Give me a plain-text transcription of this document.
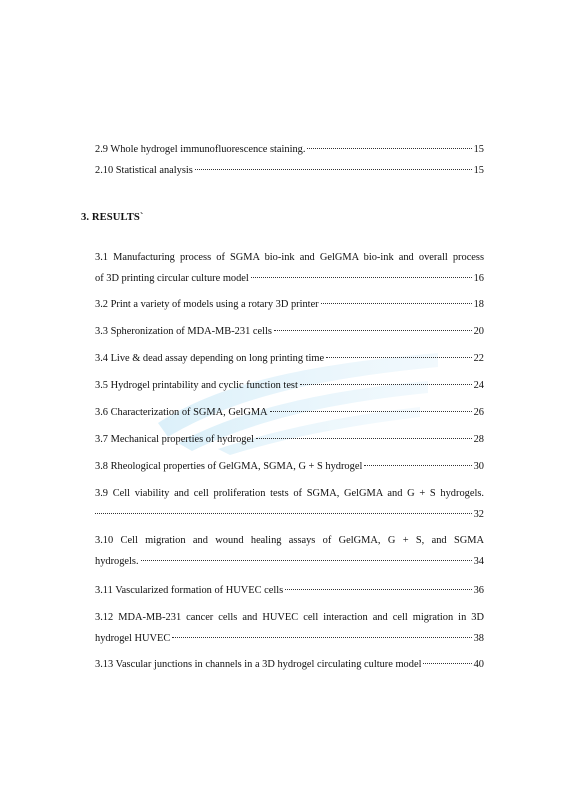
2.9 Whole hydrogel immunofluorescence staining.	15
2.10 Statistical analysis	15
3. RESULTS`
3.1 Manufacturing process of SGMA bio-ink and GelGMA bio-ink and overall process
of 3D printing circular culture model	16
3.2 Print a variety of models using a rotary 3D printer	18
3.3 Spheronization of MDA-MB-231 cells	20
3.4 Live & dead assay depending on long printing time	22
3.5 Hydrogel printability and cyclic function test	24
3.6 Characterization of SGMA, GelGMA	26
3.7 Mechanical properties of hydrogel	28
3.8 Rheological properties of GelGMA, SGMA, G + S hydrogel	30
3.9 Cell viability and cell proliferation tests of SGMA, GelGMA and G + S hydrogels.
32
3.10 Cell migration and wound healing assays of GelGMA, G + S, and SGMA
hydrogels.	34
3.11 Vascularized formation of HUVEC cells	36
3.12 MDA-MB-231 cancer cells and HUVEC cell interaction and cell migration in 3D
hydrogel HUVEC	38
3.13 Vascular junctions in channels in a 3D hydrogel circulating culture model	40
